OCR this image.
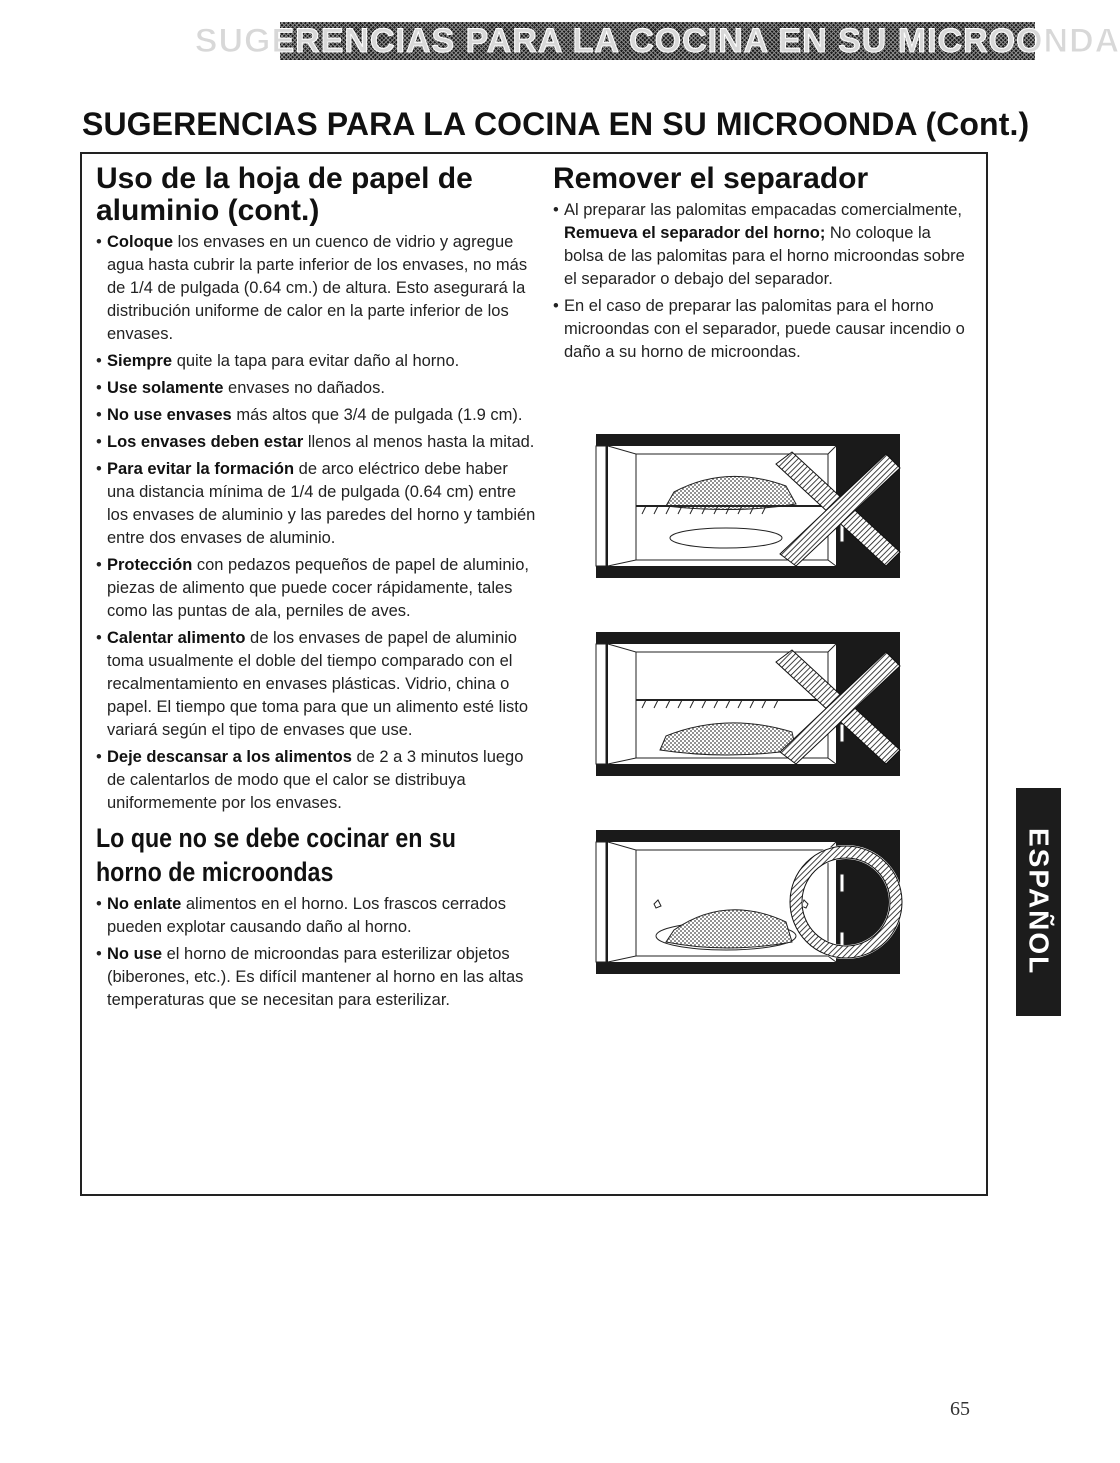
SUGERENCIAS PARA LA COCINA EN SU MICROONDA
SUGERENCIAS PARA LA COCINA EN SU MICROONDA (Cont.)
Uso de la hoja de papel de aluminio (cont.)
• Coloque los envases en un cuenco de vidrio y agregue agua hasta cubrir la parte inferior de los envases, no más de 1/4 de pulgada (0.64 cm.) de altura. Esto asegurará la distribución uniforme de calor en la parte inferior de los envases.
• Siempre quite la tapa para evitar daño al horno.
• Use solamente envases no dañados.
• No use envases más altos que 3/4 de pulgada (1.9 cm).
• Los envases deben estar llenos al menos hasta la mitad.
• Para evitar la formación de arco eléctrico debe haber una distancia mínima de 1/4 de pulgada (0.64 cm) entre los envases de aluminio y las paredes del horno y también entre dos envases de aluminio.
• Protección con pedazos pequeños de papel de aluminio, piezas de alimento que puede cocer rápidamente, tales como las puntas de ala, perniles de aves.
• Calentar alimento de los envases de papel de aluminio toma usualmente el doble del tiempo comparado con el recalmentamiento en envases plásticas. Vidrio, china o papel. El tiempo que toma para que un alimento esté listo variará según el tipo de envases que use.
• Deje descansar a los alimentos de 2 a 3 minutos luego de calentarlos de modo que el calor se distribuya uniformemente por los envases.
Lo que no se debe cocinar en su
horno de microondas
• No enlate alimentos en el horno. Los frascos cerrados pueden explotar causando daño al horno.
• No use el horno de microondas para esterilizar objetos (biberones, etc.). Es difícil mantener al horno en las altas temperaturas que se necesitan para esterilizar.
Remover el separador
• Al preparar las palomitas empacadas comercialmente, Remueva el separador del horno; No coloque la bolsa de las palomitas para el horno microondas sobre el separador o debajo del separador.
• En el caso de preparar las palomitas para el horno microondas con el separador, puede causar incendio o daño a su horno de microondas.
ESPAÑOL
65
